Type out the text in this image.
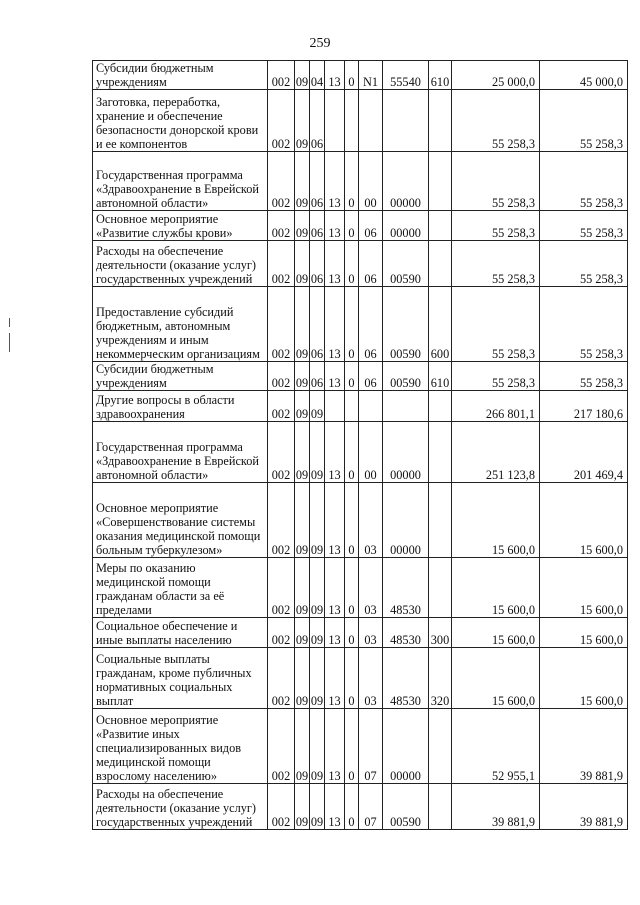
259
Субсидии бюджетным учреждениям	002	09	04	13	0	N1	55540	610	25 000,0	45 000,0
Заготовка, переработка, хранение и обеспечение безопасности донорской крови и ее компонентов	002	09	06						55 258,3	55 258,3
Государственная программа «Здравоохранение в Еврейской автономной области»	002	09	06	13	0	00	00000		55 258,3	55 258,3
Основное мероприятие «Развитие службы крови»	002	09	06	13	0	06	00000		55 258,3	55 258,3
Расходы на обеспечение деятельности (оказание услуг) государственных учреждений	002	09	06	13	0	06	00590		55 258,3	55 258,3
Предоставление субсидий бюджетным, автономным учреждениям и иным некоммерческим организациям	002	09	06	13	0	06	00590	600	55 258,3	55 258,3
Субсидии бюджетным учреждениям	002	09	06	13	0	06	00590	610	55 258,3	55 258,3
Другие вопросы в области здравоохранения	002	09	09						266 801,1	217 180,6
Государственная программа «Здравоохранение в Еврейской автономной области»	002	09	09	13	0	00	00000		251 123,8	201 469,4
Основное мероприятие «Совершенствование системы оказания медицинской помощи больным туберкулезом»	002	09	09	13	0	03	00000		15 600,0	15 600,0
Меры по оказанию медицинской помощи гражданам области за её пределами	002	09	09	13	0	03	48530		15 600,0	15 600,0
Социальное обеспечение и иные выплаты населению	002	09	09	13	0	03	48530	300	15 600,0	15 600,0
Социальные выплаты гражданам, кроме публичных нормативных социальных выплат	002	09	09	13	0	03	48530	320	15 600,0	15 600,0
Основное мероприятие «Развитие иных специализированных видов медицинской помощи взрослому населению»	002	09	09	13	0	07	00000		52 955,1	39 881,9
Расходы на обеспечение деятельности (оказание услуг) государственных учреждений	002	09	09	13	0	07	00590		39 881,9	39 881,9
